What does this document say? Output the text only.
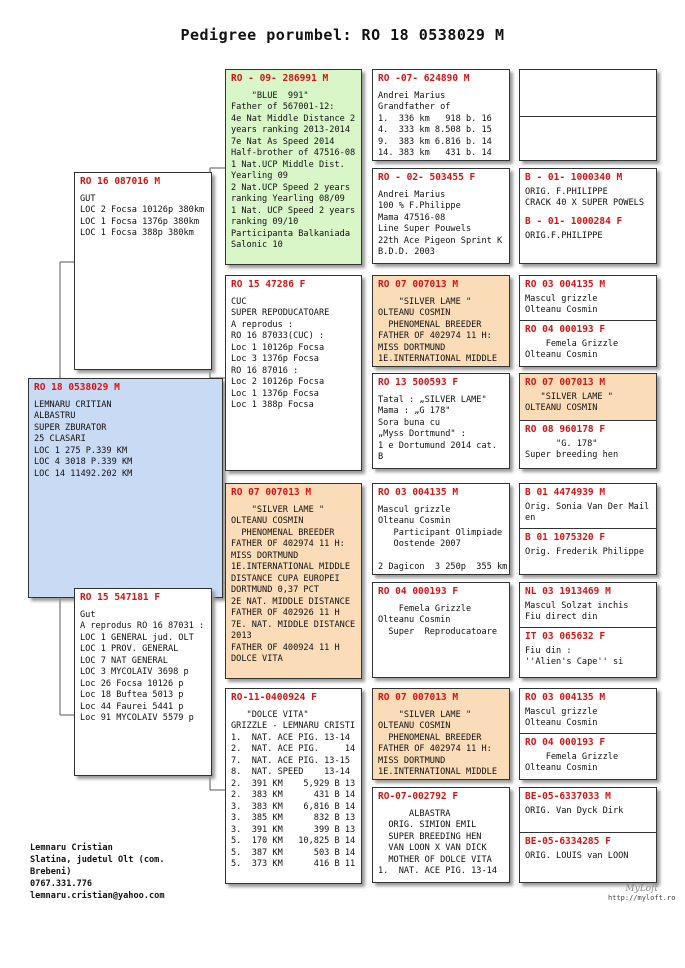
Pedigree porumbel: RO 18 0538029 M
RO 18 0538029 M
LEMNARU CRITIAN
ALBASTRU
SUPER ZBURATOR
25 CLASARI
LOC 1 275 P.339 KM
LOC 4 3018 P.339 KM
LOC 14 11492.202 KM
RO 16 087016 M
GUT
LOC 2 Focsa 10126p 380km
LOC 1 Focsa 1376p 380km
LOC 1 Focsa 388p 380km
RO 15 547181 F
Gut
A reprodus RO 16 87031 :
LOC 1 GENERAL jud. OLT
LOC 1 PROV. GENERAL
LOC 7 NAT GENERAL
LOC 3 MYCOLAIV 3698 p
Loc 26 Focsa 10126 p
Loc 18 Buftea 5013 p
Loc 44 Faurei 5441 p
Loc 91 MYCOLAIV 5579 p
RO - 09- 286991 M
"BLUE  991"
Father of 567001-12:
4e Nat Middle Distance 2
years ranking 2013-2014
7e Nat As Speed 2014
Half-brother of 47516-08
1 Nat.UCP Middle Dist.
Yearling 09
2 Nat.UCP Speed 2 years
ranking Yearling 08/09
1 Nat. UCP Speed 2 years
ranking 09/10
Participanta Balkaniada
Salonic 10
RO 15 47286 F
CUC
SUPER REPODUCATOARE
A reprodus :
RO 16 87033(CUC) :
Loc 1 10126p Focsa
Loc 3 1376p Focsa
RO 16 87016 :
Loc 2 10126p Focsa
Loc 1 1376p Focsa
Loc 1 388p Focsa
RO 07 007013 M
"SILVER LAME "
OLTEANU COSMIN
PHENOMENAL BREEDER
FATHER OF 402974 11 H:
MISS DORTMUND
1E.INTERNATIONAL MIDDLE
DISTANCE CUPA EUROPEI
DORTMUND 0,37 PCT
2E NAT. MIDDLE DISTANCE
FATHER OF 402926 11 H
7E. NAT. MIDDLE DISTANCE
2013
FATHER OF 400924 11 H
DOLCE VITA
RO-11-0400924 F
"DOLCE VITA"
GRIZZLE - LEMNARU CRISTI
1.  NAT. ACE PIG. 13-14
2.  NAT. ACE PIG.     14
7.  NAT. ACE PIG. 13-15
8.  NAT. SPEED    13-14
2.  391 KM    5,929 B 13
2.  383 KM      431 B 14
3.  383 KM    6,816 B 14
3.  385 KM      832 B 13
3.  391 KM      399 B 13
5.  170 KM   10,825 B 14
5.  387 KM      503 B 14
5.  373 KM      416 B 11
RO -07- 624890 M
Andrei Marius
Grandfather of
1.  336 km   918 b. 16
4.  333 km 8.508 b. 15
9.  383 km 6.816 b. 14
14. 383 km   431 b. 14
RO - 02- 503455 F
Andrei Marius
100 % F.Philippe
Mama 47516-08
Line Super Pouwels
22th Ace Pigeon Sprint K
B.D.D. 2003
RO 07 007013 M
"SILVER LAME "
OLTEANU COSMIN
PHENOMENAL BREEDER
FATHER OF 402974 11 H:
MISS DORTMUND
1E.INTERNATIONAL MIDDLE
RO 13 500593 F
Tatal : „SILVER LAME"
Mama : „G 178"
Sora buna cu
„Myss Dortmund" :
1 e Dortumund 2014 cat.
B
RO 03 004135 M
Mascul grizzle
Olteanu Cosmin
Participant Olimpiade
Oostende 2007

2 Dagicon  3 250p  355 km
RO 04 000193 F
Femela Grizzle
Olteanu Cosmin
Super  Reproducatoare
RO 07 007013 M
"SILVER LAME "
OLTEANU COSMIN
PHENOMENAL BREEDER
FATHER OF 402974 11 H:
MISS DORTMUND
1E.INTERNATIONAL MIDDLE
RO-07-002792 F
ALBASTRA
ORIG. SIMION EMIL
SUPER BREEDING HEN
VAN LOON X VAN DICK
MOTHER OF DOLCE VITA
1.  NAT. ACE PIG. 13-14
B - 01- 1000340 M
ORIG. F.PHILIPPE
CRACK 40 X SUPER POWELS
B - 01- 1000284 F
ORIG.F.PHILIPPE
RO 03 004135 M
Mascul grizzle
Olteanu Cosmin
RO 04 000193 F
Femela Grizzle
Olteanu Cosmin
RO 07 007013 M
"SILVER LAME "
OLTEANU COSMIN
RO 08 960178 F
"G. 178"
Super breeding hen
B 01 4474939 M
Orig. Sonia Van Der Mail
en
B 01 1075320 F
Orig. Frederik Philippe
NL 03 1913469 M
Mascul Solzat inchis
Fiu direct din
IT 03 065632 F
Fiu din :
''Alien's Cape'' si
RO 03 004135 M
Mascul grizzle
Olteanu Cosmin
RO 04 000193 F
Femela Grizzle
Olteanu Cosmin
BE-05-6337033 M
ORIG. Van Dyck Dirk
BE-05-6334285 F
ORIG. LOUIS van LOON
Lemnaru Cristian
Slatina, judetul Olt (com.
Brebeni)
0767.331.776
lemnaru.cristian@yahoo.com
MyLoft
http://myloft.ro
